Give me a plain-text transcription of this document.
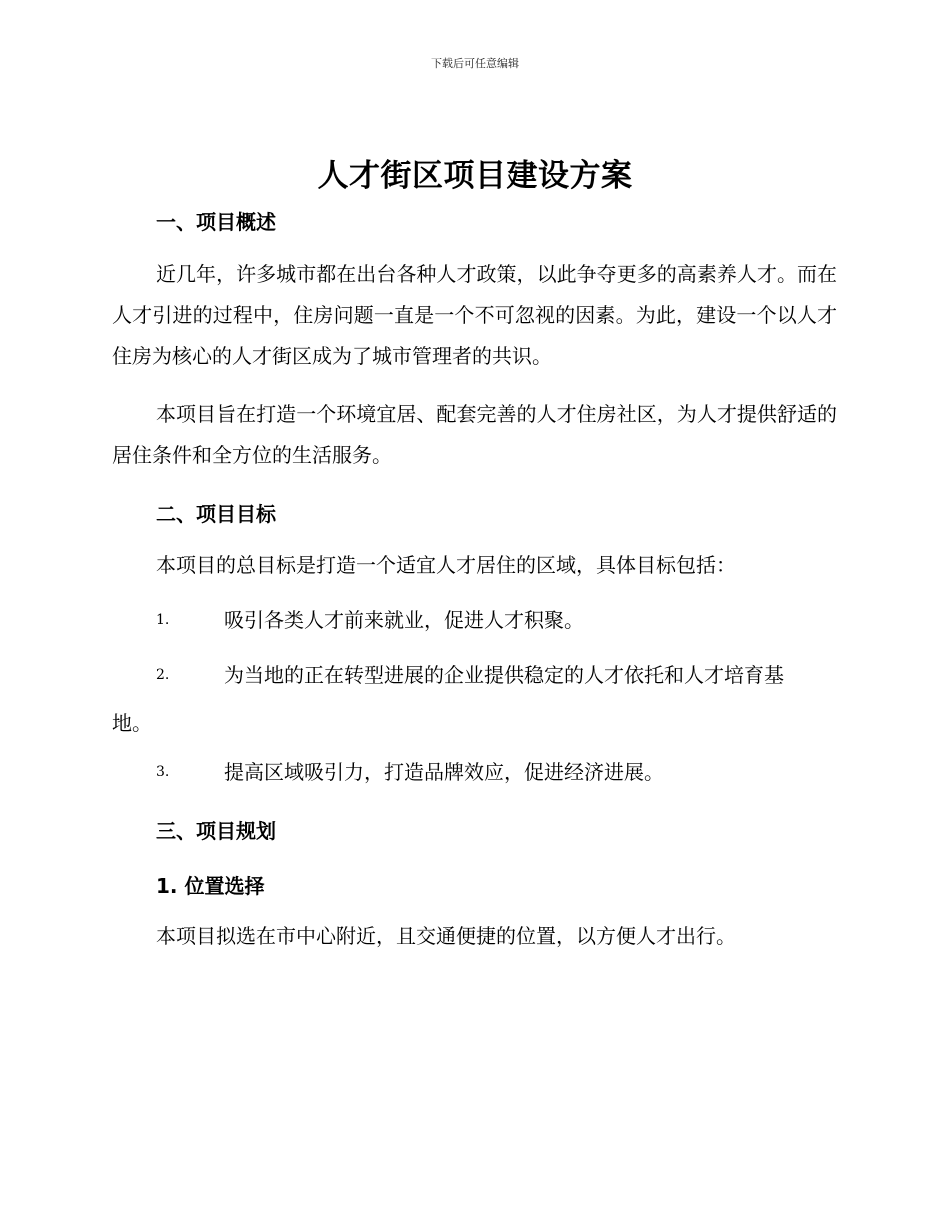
下载后可任意编辑
人才街区项目建设方案
一、项目概述
近几年，许多城市都在出台各种人才政策，以此争夺更多的高素养人才。而在人才引进的过程中，住房问题一直是一个不可忽视的因素。为此，建设一个以人才住房为核心的人才街区成为了城市管理者的共识。
本项目旨在打造一个环境宜居、配套完善的人才住房社区，为人才提供舒适的居住条件和全方位的生活服务。
二、项目目标
本项目的总目标是打造一个适宜人才居住的区域，具体目标包括：
1.	吸引各类人才前来就业，促进人才积聚。
2.	为当地的正在转型进展的企业提供稳定的人才依托和人才培育基
地。
3.	提高区域吸引力，打造品牌效应，促进经济进展。
三、项目规划
1. 位置选择
本项目拟选在市中心附近，且交通便捷的位置，以方便人才出行。
